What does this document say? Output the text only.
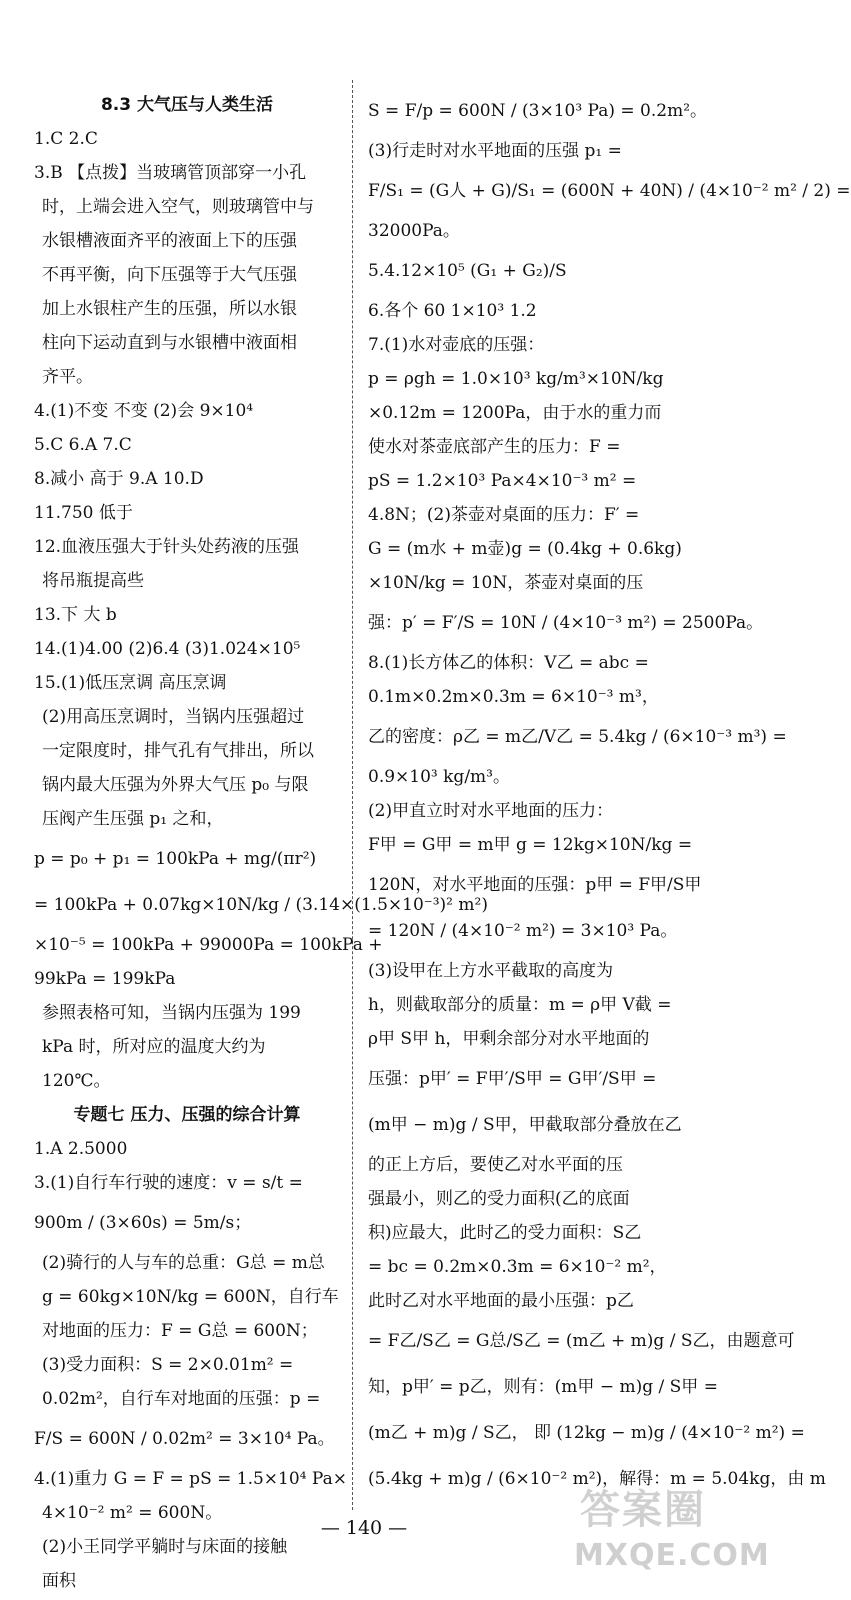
8.3 大气压与人类生活
1.C 2.C
3.B 【点拨】当玻璃管顶部穿一小孔
时，上端会进入空气，则玻璃管中与
水银槽液面齐平的液面上下的压强
不再平衡，向下压强等于大气压强
加上水银柱产生的压强，所以水银
柱向下运动直到与水银槽中液面相
齐平。
4.(1)不变 不变 (2)会 9×10⁴
5.C 6.A 7.C
8.减小 高于 9.A 10.D
11.750 低于
12.血液压强大于针头处药液的压强
将吊瓶提高些
13.下 大 b
14.(1)4.00 (2)6.4 (3)1.024×10⁵
15.(1)低压烹调 高压烹调
(2)用高压烹调时，当锅内压强超过
一定限度时，排气孔有气排出，所以
锅内最大压强为外界大气压 p₀ 与限
压阀产生压强 p₁ 之和，
p = p₀ + p₁ = 100kPa + mg/(πr²)
= 100kPa + 0.07kg×10N/kg / (3.14×(1.5×10⁻³)² m²)
×10⁻⁵ = 100kPa + 99000Pa = 100kPa +
99kPa = 199kPa
参照表格可知，当锅内压强为 199
kPa 时，所对应的温度大约为
120℃。
专题七 压力、压强的综合计算
1.A 2.5000
3.(1)自行车行驶的速度：v = s/t =
900m / (3×60s) = 5m/s；
(2)骑行的人与车的总重：G总 = m总
g = 60kg×10N/kg = 600N，自行车
对地面的压力：F = G总 = 600N；
(3)受力面积：S = 2×0.01m² =
0.02m²，自行车对地面的压强：p =
F/S = 600N / 0.02m² = 3×10⁴ Pa。
4.(1)重力 G = F = pS = 1.5×10⁴ Pa×
4×10⁻² m² = 600N。
(2)小王同学平躺时与床面的接触
面积
S = F/p = 600N / (3×10³ Pa) = 0.2m²。
(3)行走时对水平地面的压强 p₁ =
F/S₁ = (G人 + G)/S₁ = (600N + 40N) / (4×10⁻² m² / 2) =
32000Pa。
5.4.12×10⁵ (G₁ + G₂)/S
6.各个 60 1×10³ 1.2
7.(1)水对壶底的压强：
p = ρgh = 1.0×10³ kg/m³×10N/kg
×0.12m = 1200Pa，由于水的重力而
使水对茶壶底部产生的压力：F =
pS = 1.2×10³ Pa×4×10⁻³ m² =
4.8N；(2)茶壶对桌面的压力：F′ =
G = (m水 + m壶)g = (0.4kg + 0.6kg)
×10N/kg = 10N，茶壶对桌面的压
强：p′ = F′/S = 10N / (4×10⁻³ m²) = 2500Pa。
8.(1)长方体乙的体积：V乙 = abc =
0.1m×0.2m×0.3m = 6×10⁻³ m³，
乙的密度：ρ乙 = m乙/V乙 = 5.4kg / (6×10⁻³ m³) =
0.9×10³ kg/m³。
(2)甲直立时对水平地面的压力：
F甲 = G甲 = m甲 g = 12kg×10N/kg =
120N，对水平地面的压强：p甲 = F甲/S甲
= 120N / (4×10⁻² m²) = 3×10³ Pa。
(3)设甲在上方水平截取的高度为
h，则截取部分的质量：m = ρ甲 V截 =
ρ甲 S甲 h，甲剩余部分对水平地面的
压强：p甲′ = F甲′/S甲 = G甲′/S甲 =
(m甲 − m)g / S甲，甲截取部分叠放在乙
的正上方后，要使乙对水平面的压
强最小，则乙的受力面积(乙的底面
积)应最大，此时乙的受力面积：S乙
= bc = 0.2m×0.3m = 6×10⁻² m²，
此时乙对水平地面的最小压强：p乙
= F乙/S乙 = G总/S乙 = (m乙 + m)g / S乙，由题意可
知，p甲′ = p乙，则有：(m甲 − m)g / S甲 =
(m乙 + m)g / S乙， 即 (12kg − m)g / (4×10⁻² m²) =
(5.4kg + m)g / (6×10⁻² m²)，解得：m = 5.04kg，由 m
— 140 —	答案圈
MXQE.COM
